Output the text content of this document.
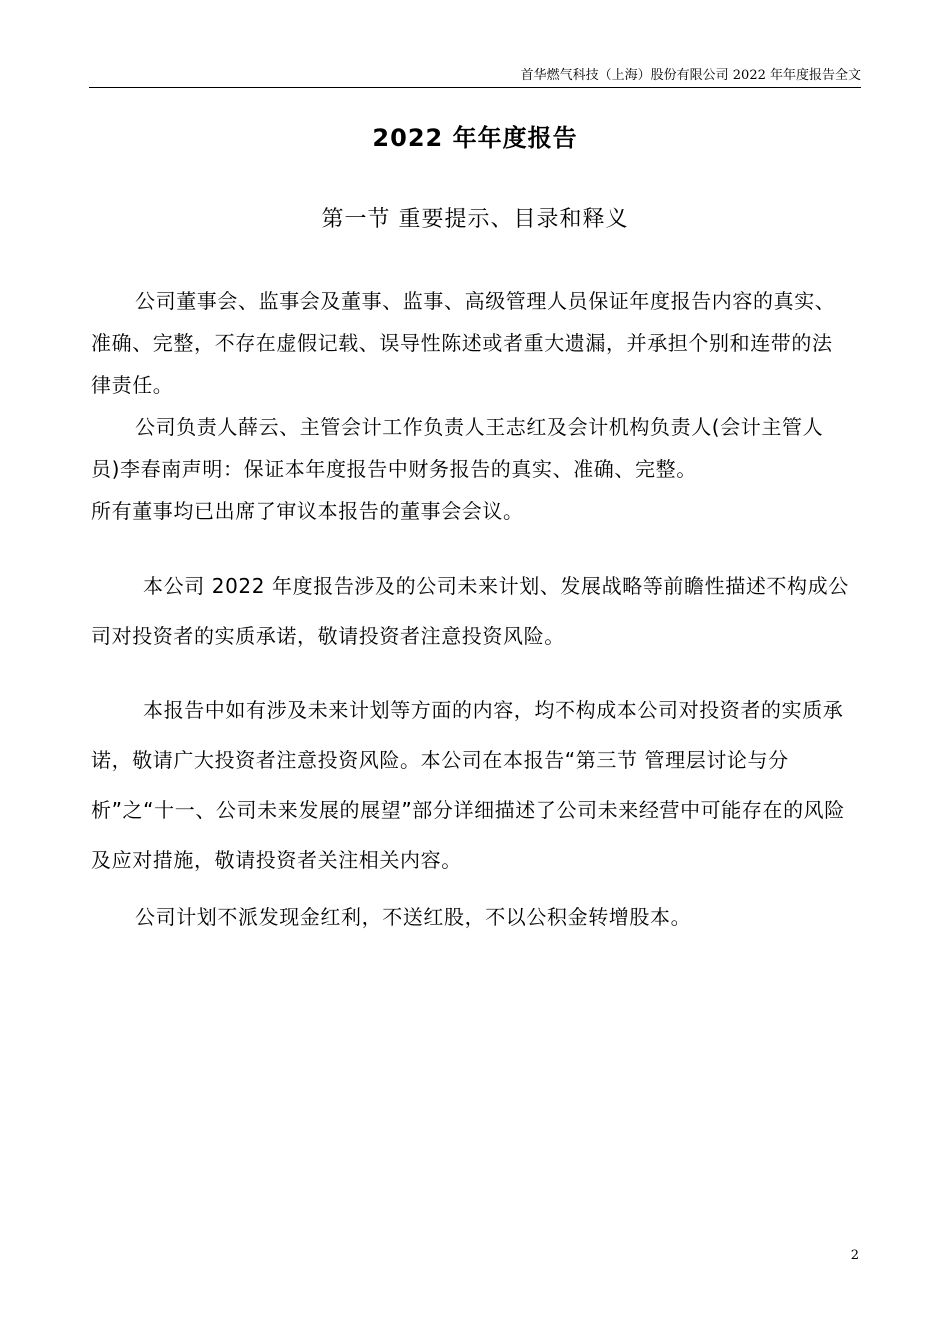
首华燃气科技（上海）股份有限公司 2022 年年度报告全文
2022 年年度报告
第一节 重要提示、目录和释义

公司董事会、监事会及董事、监事、高级管理人员保证年度报告内容的真实、准确、完整，不存在虚假记载、误导性陈述或者重大遗漏，并承担个别和连带的法律责任。

公司负责人薛云、主管会计工作负责人王志红及会计机构负责人(会计主管人员)李春南声明：保证本年度报告中财务报告的真实、准确、完整。

所有董事均已出席了审议本报告的董事会会议。

本公司 2022 年度报告涉及的公司未来计划、发展战略等前瞻性描述不构成公司对投资者的实质承诺，敬请投资者注意投资风险。

本报告中如有涉及未来计划等方面的内容，均不构成本公司对投资者的实质承诺，敬请广大投资者注意投资风险。本公司在本报告“第三节 管理层讨论与分析”之“十一、公司未来发展的展望”部分详细描述了公司未来经营中可能存在的风险及应对措施，敬请投资者关注相关内容。

公司计划不派发现金红利，不送红股，不以公积金转增股本。

2
